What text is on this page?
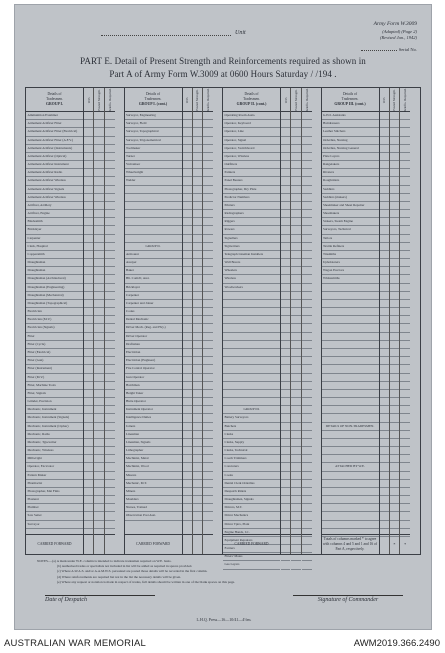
Unit
Army Form W.3009
(Adapted) (Page 2)
(Revised Jan., 1942)
Serial No.
PART E. Detail of Present Strength and Reinforcements required as shown in
Part A of Army Form W.3009 at 0600 Hours Saturday / /194 .
Details of
Tradesmen.
GROUP I.
Ammunition Examiner
Armament Artificer Fitter
Armament Artificer Fitter (Electrical)
Armament Artificer Fitter (A.F.V.)
Armament Artificer (Instruments)
Armament Artificer (Optical)
Armament Artificer Instrument
Armament Artificer Radio
Armament Artificer Wireless
Armament Artificer Signals
Armament Artificer Wireless
Artificer, Artillery
Artificer, Engine
Blacksmith
Bricklayer
Carpenter
Clerk, Hospital
Coppersmith
Draughtsman
Draughtsman
Draughtsman (Architectural)
Draughtsman (Engineering)
Draughtsman (Mechanical)
Draughtsman (Topographical)
Electrician
Electrician (M.V.)
Electrician (Signals)
Fitter
Fitter (Cycle)
Fitter (Electrical)
Fitter (Gun)
Fitter (Instrument)
Fitter (M.V.)
Fitter, Machine Tools
Fitter, Signals
Grinder, Precision
Mechanic, Instrument
Mechanic, Instrument (Signals)
Mechanic, Instrument (Cipher)
Mechanic, Radio
Mechanic, Typewriter
Mechanic, Wireless
Millwright
Operator, Excavator
Pattern Maker
Pharmacist
Photographer, Mat Finis
Plasterer
Plumber
Saw Setter
Surveyor
CARRIED FORWARD
W.E. Posted Strength. Reinfts. Required.	Details of
Tradesmen.
GROUP I. (cont.)
Surveyor, Engineering
Surveyor, Field
Surveyor, Topographical
Surveyor, Trigonometrical
Toolmaker
Turner
Vulcaniser
Wheelwright
Welder
GROUP II.
Armourer
Assayer
Baker
Blt. Comd'r, Asst.
Bricklayer
Carpenter
Carpenter and Joiner
Cooks
Dental Mechanic
Driver Mech. (Reg. and Hvy.)
Driver Operator
Draftsman
Electrician
Electrician (Engineer)
Fire Control Operator
Gun Operator
Hatchman
Height Taker
Hutte Operator
Instrument Operator
Intelligence Duties
Joiners
Linesman
Linesman, Signals
Lithographer
Machinist, Metal
Machinist, Wood
Masons
Mechanic, M.T.
Miners
Moulders
Nurses, Trained
Observation Post Asst.
CARRIED FORWARD
W.E. Posted Strength. Reinfts. Required.	Details of
Tradesmen.
GROUP II. (cont.)
Operating Room Assts.
Operator, Keyboard
Operator, Line
Operator, Signal
Operator, Switchboard
Operator, Wireless
Outfitters
Painters
Panel Beaters
Photographer, Dry Plate
Predictor Numbers
Printers
Radiographers
Riggers
Rowers
Signallers
Signwriters
Telegraph Lineman Installers
Wall Borers
Wheelers
Wireless
Woodworkers
GROUP III.
Battery Surveyors
Butchers
Clerks
Clerks, Supply
Clerks, Technical
Coach Trimmers
Concreters
Cooks
Dental Clerk Orderlies
Despatch Riders
Draughtsmen, Signals
Drivers, M.T.
Driver Mechanics
Driver Tptrs, Plant
Engine Hands, I.C.
Equipment Repairers
Farriers
Fitters' Mates
Gas Layers
CARRIED FORWARD
W.E. Posted Strength. Reinfts. Required.	Details of
Tradesmen.
GROUP III. (cont.)
G.P.O. Assistants
Hairdressers
Leather Stitchers
Orderlies, Nursing
Orderlies, Nursing General
Plate Layers
Rangetakers
Riveters
Roughriders
Saddlers
Saddlers (makers)
Sheetmaker and Sheet Repairer
Shoemakers
Stokers, Steam Engine
Surveyors, Technical
Tailors
Textile Refiners
Tinsmiths
Upholsterers
Wagon Erectors
Whitesmiths
DETAILS OF NON-TRADESMEN.
ATTACHED BY W.E.
Totals of columns marked * to agree with columns 4 and 5 and 1 and 16 of Part A, respectively.
W.E. Posted Strength.
*
Reinfts. Required.
*
NOTES.—(a) A mark under W.E. column is intended to indicate tradesmen required on W.E. basis.
(b) Authorised trades or specialists not included in list will be added as required in spaces provided.
(c) Where A.W.A.S. and/or A.A.M.W.S. personnel are posted those details will be recorded in the first column.
(d) Where reinforcements are required but not in the list the necessary details will be given.
(e) Where any request or notation is made in respect of trades, full details should be written in one of the blank spaces on this page.
Date of Despatch	Signature of Commander
L.H.Q. Press—16—10/41—4½m.
AUSTRALIAN WAR MEMORIAL	AWM2019.366.2490
